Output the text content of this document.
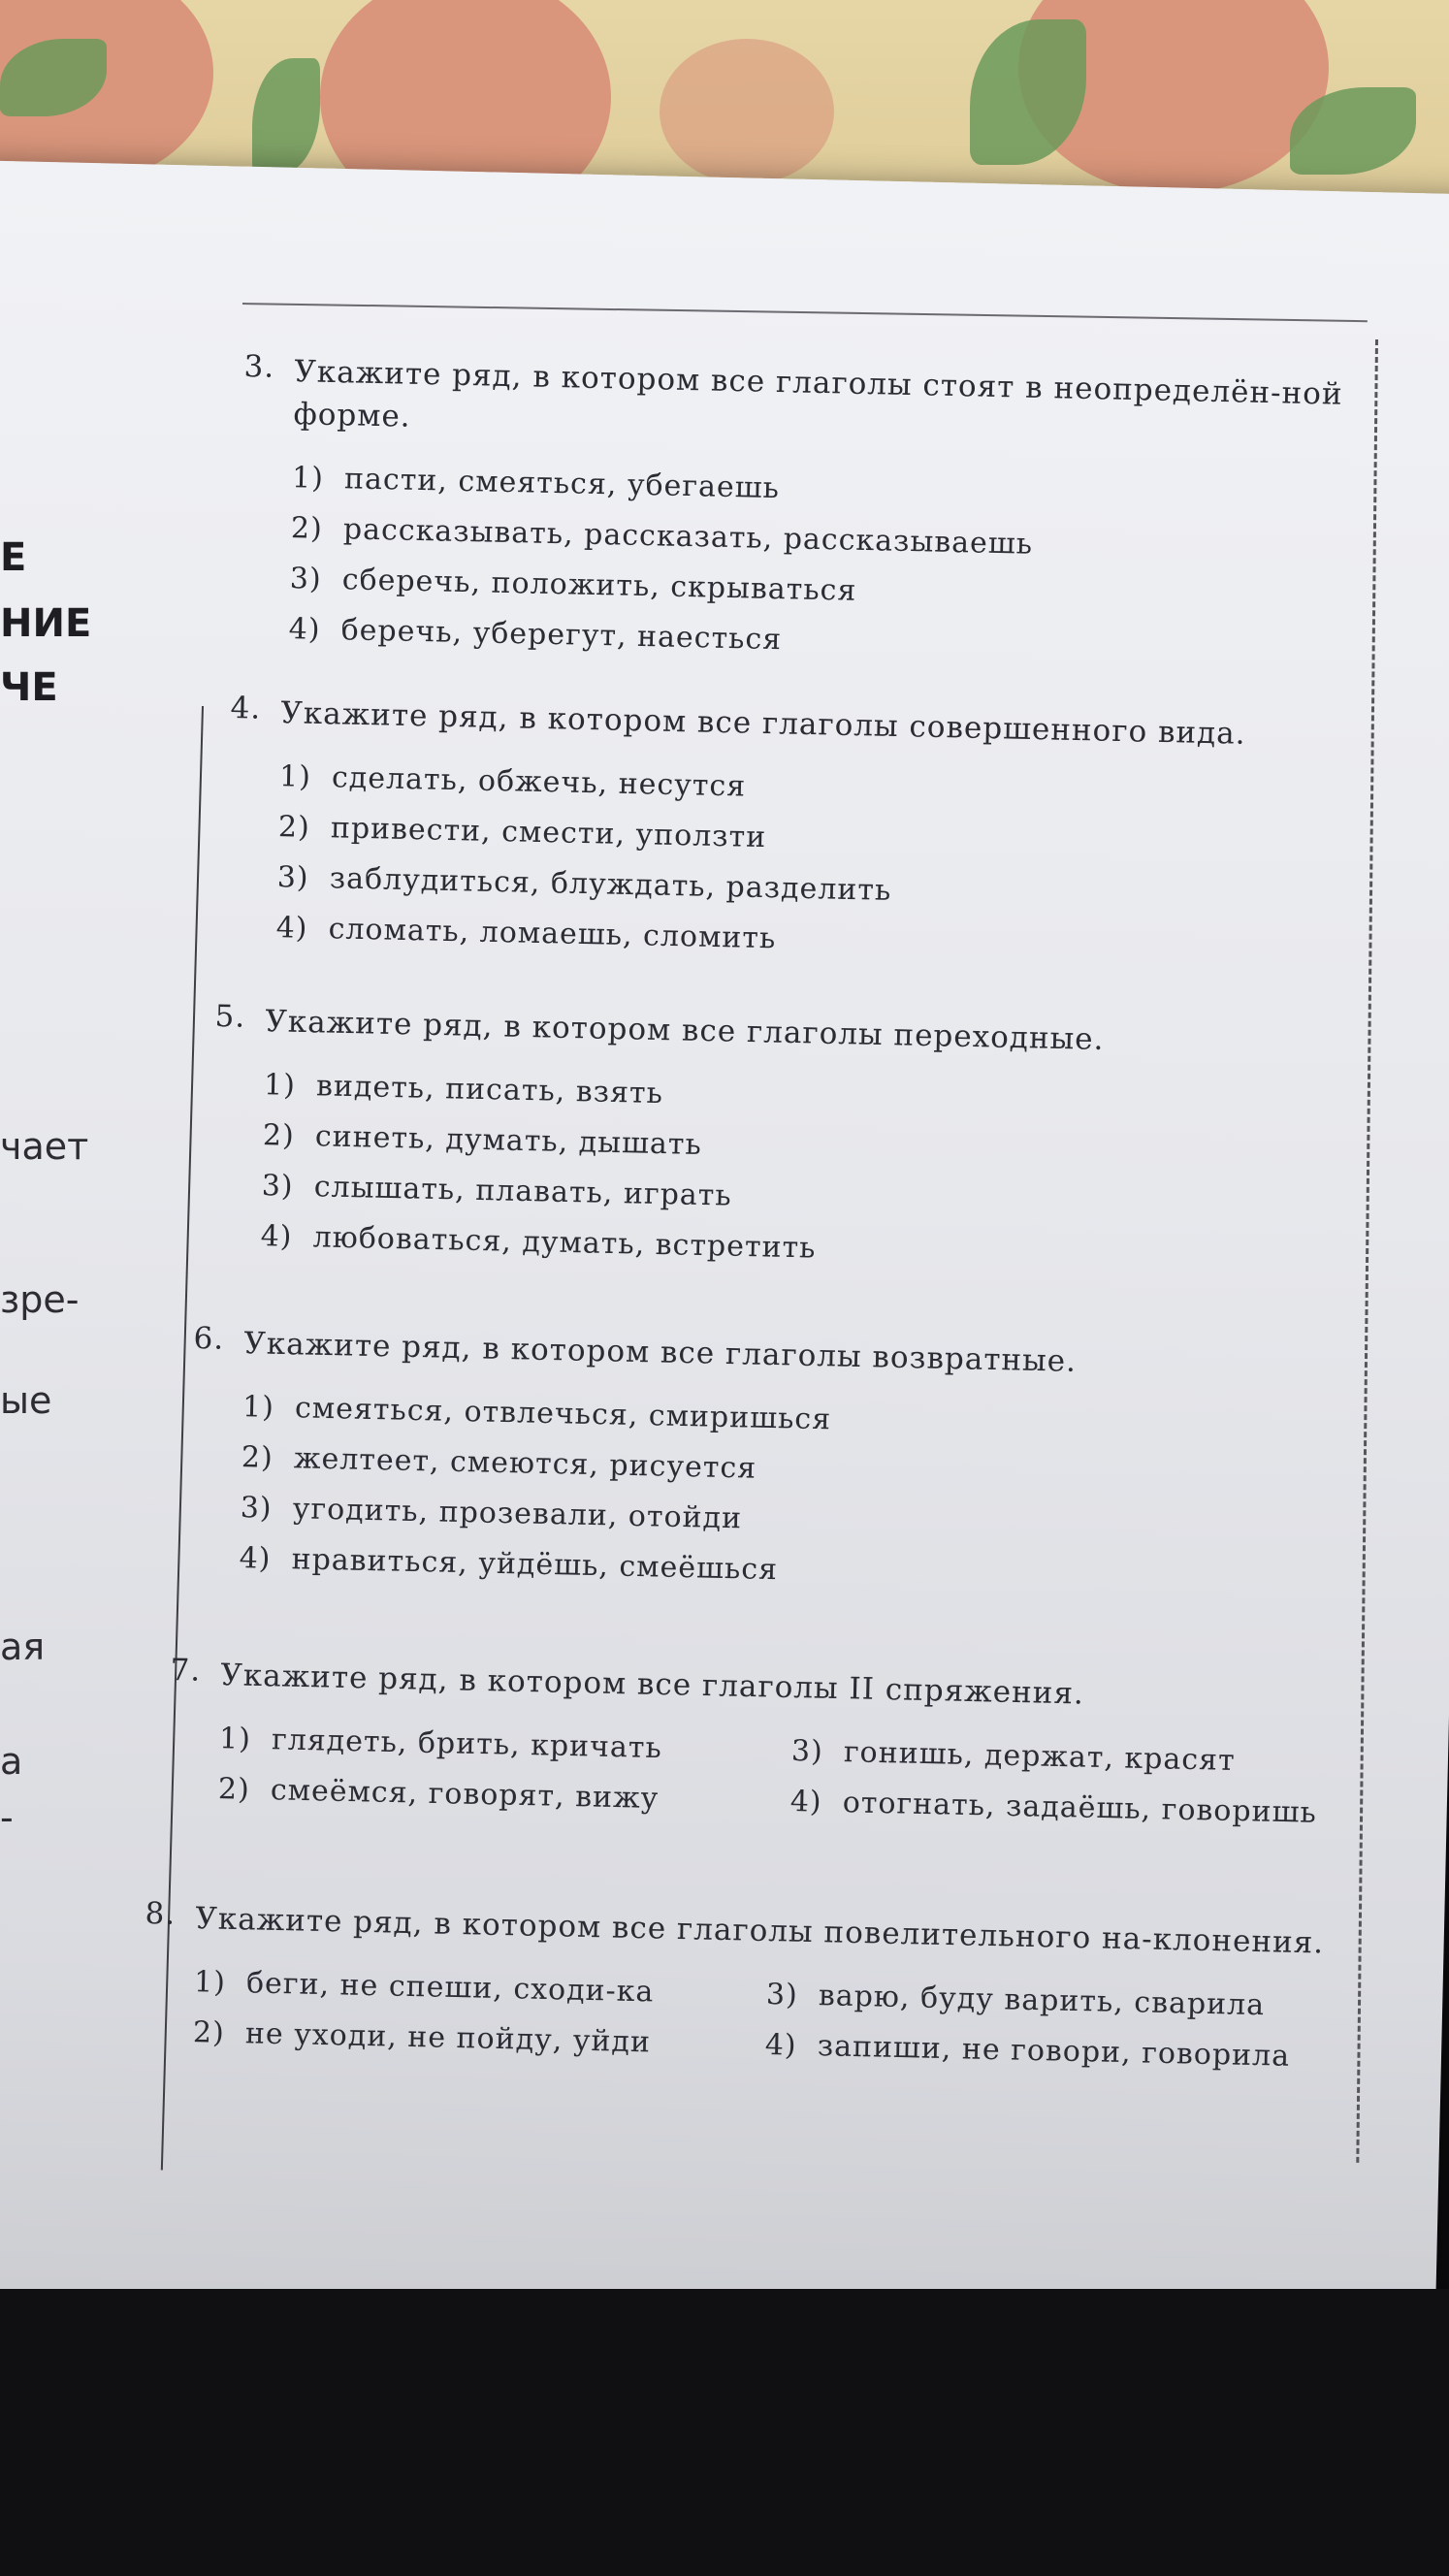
Е
НИЕ
ЧЕ
чает
зре-
ые
ая
а
-
3. Укажите ряд, в котором все глаголы стоят в неопределён-ной форме.
1) пасти, смеяться, убегаешь
2) рассказывать, рассказать, рассказываешь
3) сберечь, положить, скрываться
4) беречь, уберегут, наесться
4. Укажите ряд, в котором все глаголы совершенного вида.
1) сделать, обжечь, несутся
2) привести, смести, уползти
3) заблудиться, блуждать, разделить
4) сломать, ломаешь, сломить
5. Укажите ряд, в котором все глаголы переходные.
1) видеть, писать, взять
2) синеть, думать, дышать
3) слышать, плавать, играть
4) любоваться, думать, встретить
6. Укажите ряд, в котором все глаголы возвратные.
1) смеяться, отвлечься, смиришься
2) желтеет, смеются, рисуется
3) угодить, прозевали, отойди
4) нравиться, уйдёшь, смеёшься
7. Укажите ряд, в котором все глаголы II спряжения.
1) глядеть, брить, кричать	3) гонишь, держат, красят
2) смеёмся, говорят, вижу	4) отогнать, задаёшь, говоришь
8. Укажите ряд, в котором все глаголы повелительного на-клонения.
1) беги, не спеши, сходи-ка	3) варю, буду варить, сварила
2) не уходи, не пойду, уйди	4) запиши, не говори, говорила
